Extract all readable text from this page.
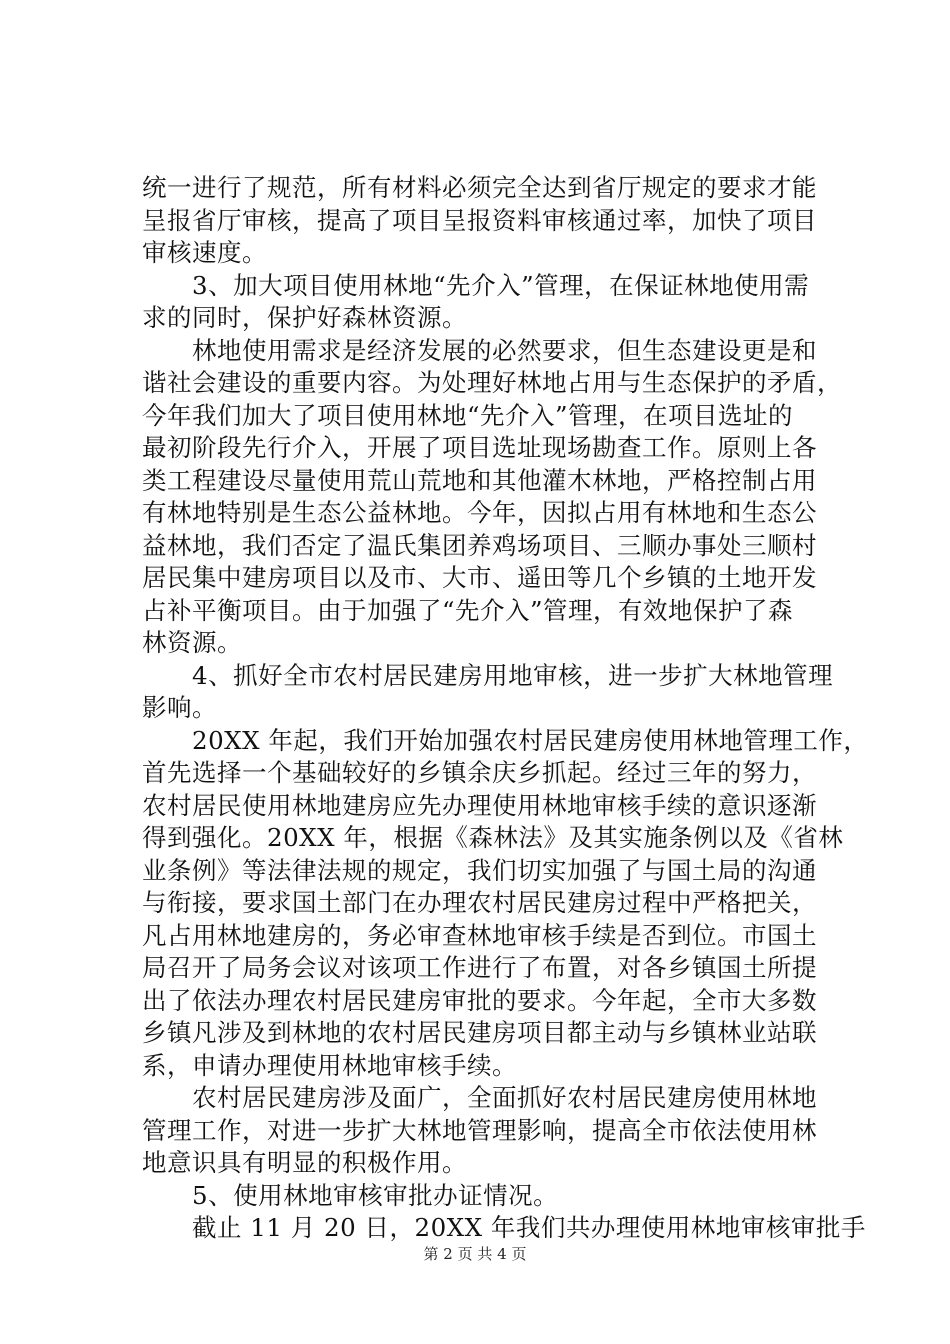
统一进行了规范，所有材料必须完全达到省厅规定的要求才能
呈报省厅审核，提高了项目呈报资料审核通过率，加快了项目
审核速度。
　　3、加大项目使用林地“先介入”管理，在保证林地使用需
求的同时，保护好森林资源。
　　林地使用需求是经济发展的必然要求，但生态建设更是和
谐社会建设的重要内容。为处理好林地占用与生态保护的矛盾，
今年我们加大了项目使用林地“先介入”管理，在项目选址的
最初阶段先行介入，开展了项目选址现场勘查工作。原则上各
类工程建设尽量使用荒山荒地和其他灌木林地，严格控制占用
有林地特别是生态公益林地。今年，因拟占用有林地和生态公
益林地，我们否定了温氏集团养鸡场项目、三顺办事处三顺村
居民集中建房项目以及市、大市、遥田等几个乡镇的土地开发
占补平衡项目。由于加强了“先介入”管理，有效地保护了森
林资源。
　　4、抓好全市农村居民建房用地审核，进一步扩大林地管理
影响。
　　20XX 年起，我们开始加强农村居民建房使用林地管理工作，
首先选择一个基础较好的乡镇余庆乡抓起。经过三年的努力，
农村居民使用林地建房应先办理使用林地审核手续的意识逐渐
得到强化。20XX 年，根据《森林法》及其实施条例以及《省林
业条例》等法律法规的规定，我们切实加强了与国土局的沟通
与衔接，要求国土部门在办理农村居民建房过程中严格把关，
凡占用林地建房的，务必审查林地审核手续是否到位。市国土
局召开了局务会议对该项工作进行了布置，对各乡镇国土所提
出了依法办理农村居民建房审批的要求。今年起，全市大多数
乡镇凡涉及到林地的农村居民建房项目都主动与乡镇林业站联
系，申请办理使用林地审核手续。
　　农村居民建房涉及面广，全面抓好农村居民建房使用林地
管理工作，对进一步扩大林地管理影响，提高全市依法使用林
地意识具有明显的积极作用。
　　5、使用林地审核审批办证情况。
　　截止 11 月 20 日，20XX 年我们共办理使用林地审核审批手
第 2 页 共 4 页
